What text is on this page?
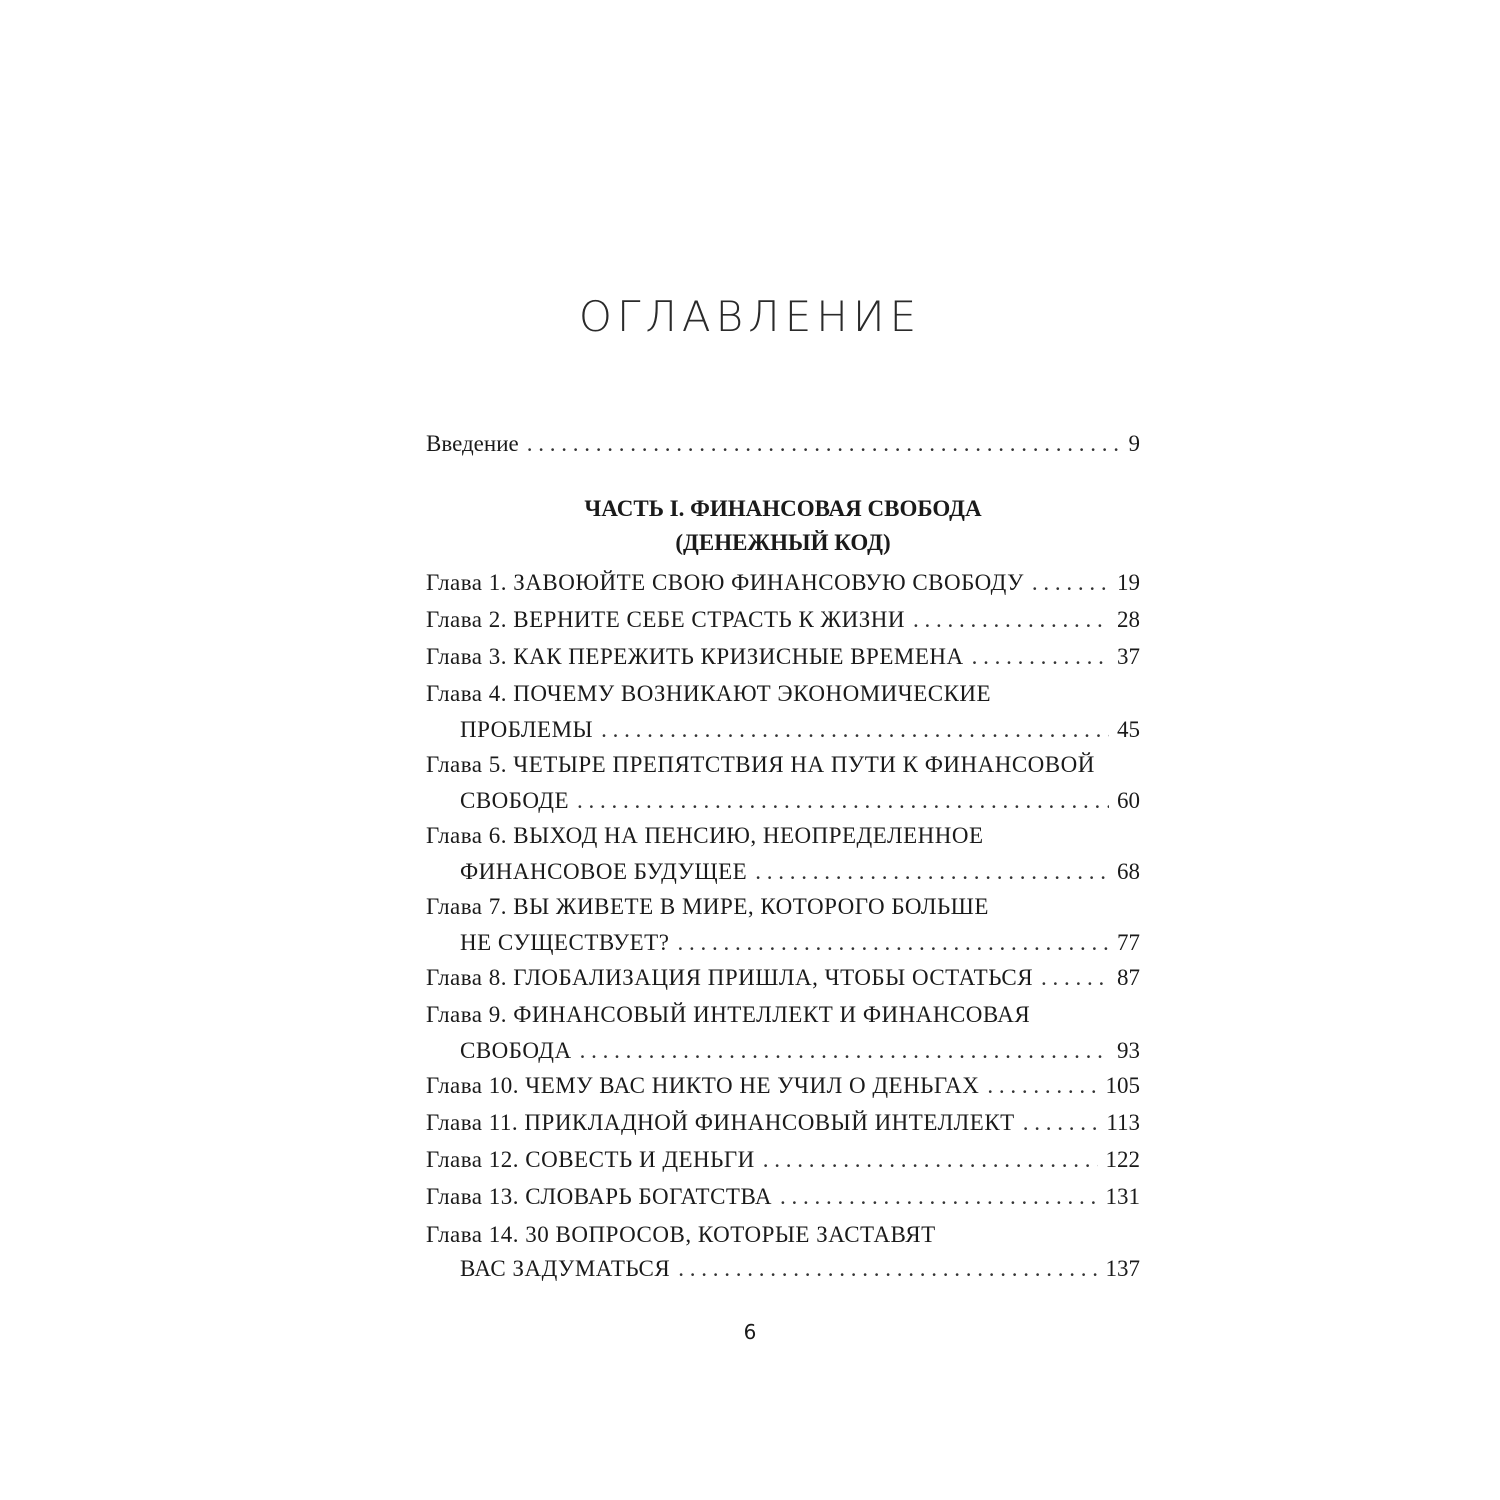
ОГЛАВЛЕНИЕ
Введение . . .	9
ЧАСТЬ I. ФИНАНСОВАЯ СВОБОДА
(ДЕНЕЖНЫЙ КОД)
Глава 1. ЗАВОЮЙТЕ СВОЮ ФИНАНСОВУЮ СВОБОДУ . . .	19
Глава 2. ВЕРНИТЕ СЕБЕ СТРАСТЬ К ЖИЗНИ . . .	28
Глава 3. КАК ПЕРЕЖИТЬ КРИЗИСНЫЕ ВРЕМЕНА . . .	37
Глава 4. ПОЧЕМУ ВОЗНИКАЮТ ЭКОНОМИЧЕСКИЕ
ПРОБЛЕМЫ . . .	45
Глава 5. ЧЕТЫРЕ ПРЕПЯТСТВИЯ НА ПУТИ К ФИНАНСОВОЙ
СВОБОДЕ . . .	60
Глава 6. ВЫХОД НА ПЕНСИЮ, НЕОПРЕДЕЛЕННОЕ
ФИНАНСОВОЕ БУДУЩЕЕ . . .	68
Глава 7. ВЫ ЖИВЕТЕ В МИРЕ, КОТОРОГО БОЛЬШЕ
НЕ СУЩЕСТВУЕТ? . . .	77
Глава 8. ГЛОБАЛИЗАЦИЯ ПРИШЛА, ЧТОБЫ ОСТАТЬСЯ . . .	87
Глава 9. ФИНАНСОВЫЙ ИНТЕЛЛЕКТ И ФИНАНСОВАЯ
СВОБОДА . . .	93
Глава 10. ЧЕМУ ВАС НИКТО НЕ УЧИЛ О ДЕНЬГАХ . . .	105
Глава 11. ПРИКЛАДНОЙ ФИНАНСОВЫЙ ИНТЕЛЛЕКТ . . .	113
Глава 12. СОВЕСТЬ И ДЕНЬГИ . . .	122
Глава 13. СЛОВАРЬ БОГАТСТВА . . .	131
Глава 14. 30 ВОПРОСОВ, КОТОРЫЕ ЗАСТАВЯТ
ВАС ЗАДУМАТЬСЯ . . .	137
6
